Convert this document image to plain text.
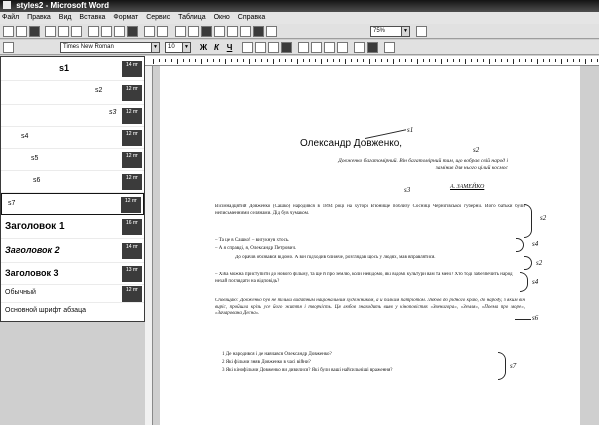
styles2 - Microsoft Word
Файл Правка Вид Вставка Формат Сервис Таблица Окно Справка
75%	▼
Times New Roman	▼	10	▼ Ж К Ч
s1	14 пт
s2	12 пт
s3	12 пт
s4	12 пт
s5	12 пт
s6	12 пт
s7	12 пт
Заголовок 1	16 пт
Заголовок 2	14 пт
Заголовок 3	13 пт
Обычный	12 пт
Основной шрифт абзаца
s1
s2
Олександр Довженко,
Довженко багатомірний. Він багатомірний тим, що вобрав свій народ і замінив для нього цілий космос
s3	А. ЗАМЕЙКО
Вісімнадцятий Довженко (Сашко) народився в 1894 році на хуторі В'юнище поблизу Сосниці Чернігівської губернії. Його батьки були неписьменними селянами. Дід був чумаком.
s2
– Та це в Сашко! – вигукнув хтось.
– А я справді, я, Олександр Петрович.
s4
До орачів обізвався відомо. А він підходив ближче, розглядав щось у людях, мав вправлятися.
s2
– Хіба можна приступити до нового фільму, та ще й про землю, коли невідомо, які відомі культури вам та мені? Хто тоді забезпечить народ нехай поглядати на відповідь?	s4
Сповіщаю: Довженко був не тільки видатним національним художником, а й палким патріотом. Любов до рідного краю, до народу, з яким він виріс, пройшла крізь усе його життя і творчість. Ця любов знаходить вияв у кіноповістях «Звенигора», «Земля», «Поема про море», «Зачарована Десна».
s6
1 Де народився і де навчався Олександр Довженко?
2 Які фільми зняв Довженко в часі війни?
3 Які кінофільми Довженко ви дивилися? Які були ваші найсильніші враження?
s7
